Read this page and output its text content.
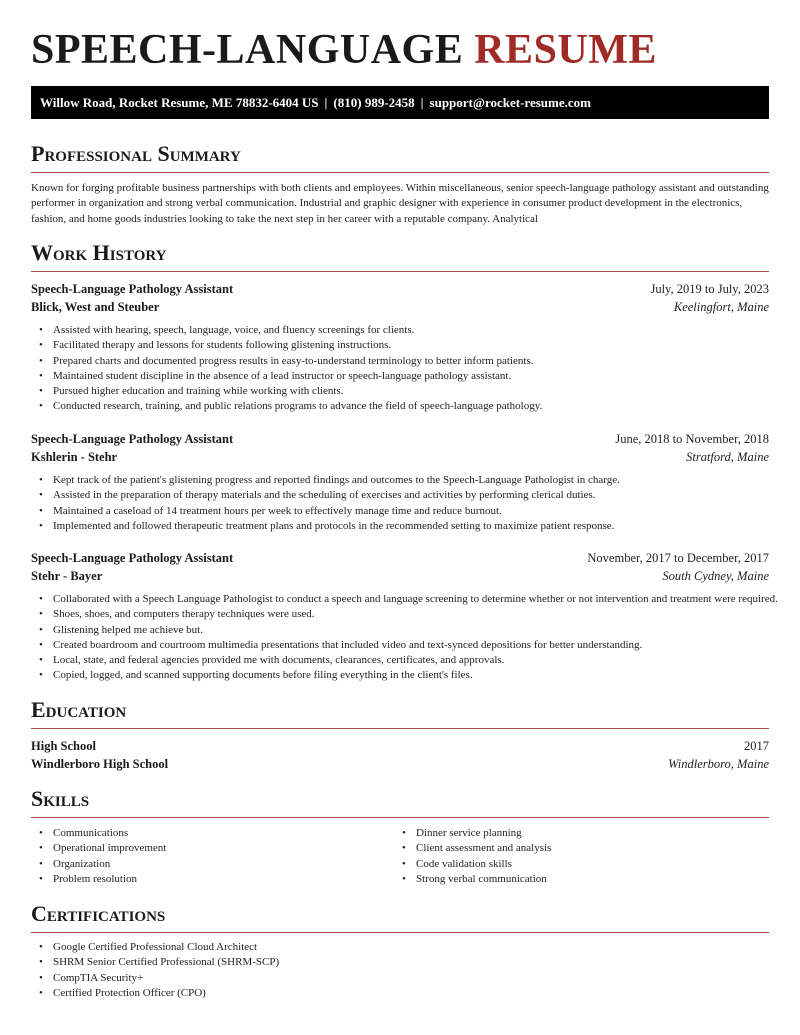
SPEECH-LANGUAGE RESUME
Willow Road, Rocket Resume, ME 78832-6404 US | (810) 989-2458 | support@rocket-resume.com
Professional Summary
Known for forging profitable business partnerships with both clients and employees. Within miscellaneous, senior speech-language pathology assistant and outstanding performer in organization and strong verbal communication. Industrial and graphic designer with experience in consumer product development in the electronics, fashion, and home goods industries looking to take the next step in her career with a reputable company. Analytical
Work History
Speech-Language Pathology Assistant	July, 2019 to July, 2023
Blick, West and Steuber	Keelingfort, Maine
• Assisted with hearing, speech, language, voice, and fluency screenings for clients.
• Facilitated therapy and lessons for students following glistening instructions.
• Prepared charts and documented progress results in easy-to-understand terminology to better inform patients.
• Maintained student discipline in the absence of a lead instructor or speech-language pathology assistant.
• Pursued higher education and training while working with clients.
• Conducted research, training, and public relations programs to advance the field of speech-language pathology.
Speech-Language Pathology Assistant	June, 2018 to November, 2018
Kshlerin - Stehr	Stratford, Maine
• Kept track of the patient's glistening progress and reported findings and outcomes to the Speech-Language Pathologist in charge.
• Assisted in the preparation of therapy materials and the scheduling of exercises and activities by performing clerical duties.
• Maintained a caseload of 14 treatment hours per week to effectively manage time and reduce burnout.
• Implemented and followed therapeutic treatment plans and protocols in the recommended setting to maximize patient response.
Speech-Language Pathology Assistant	November, 2017 to December, 2017
Stehr - Bayer	South Cydney, Maine
• Collaborated with a Speech Language Pathologist to conduct a speech and language screening to determine whether or not intervention and treatment were required.
• Shoes, shoes, and computers therapy techniques were used.
• Glistening helped me achieve but.
• Created boardroom and courtroom multimedia presentations that included video and text-synced depositions for better understanding.
• Local, state, and federal agencies provided me with documents, clearances, certificates, and approvals.
• Copied, logged, and scanned supporting documents before filing everything in the client's files.
Education
High School	2017
Windlerboro High School	Windlerboro, Maine
Skills
• Communications
• Operational improvement
• Organization
• Problem resolution
• Dinner service planning
• Client assessment and analysis
• Code validation skills
• Strong verbal communication
Certifications
• Google Certified Professional Cloud Architect
• SHRM Senior Certified Professional (SHRM-SCP)
• CompTIA Security+
• Certified Protection Officer (CPO)
